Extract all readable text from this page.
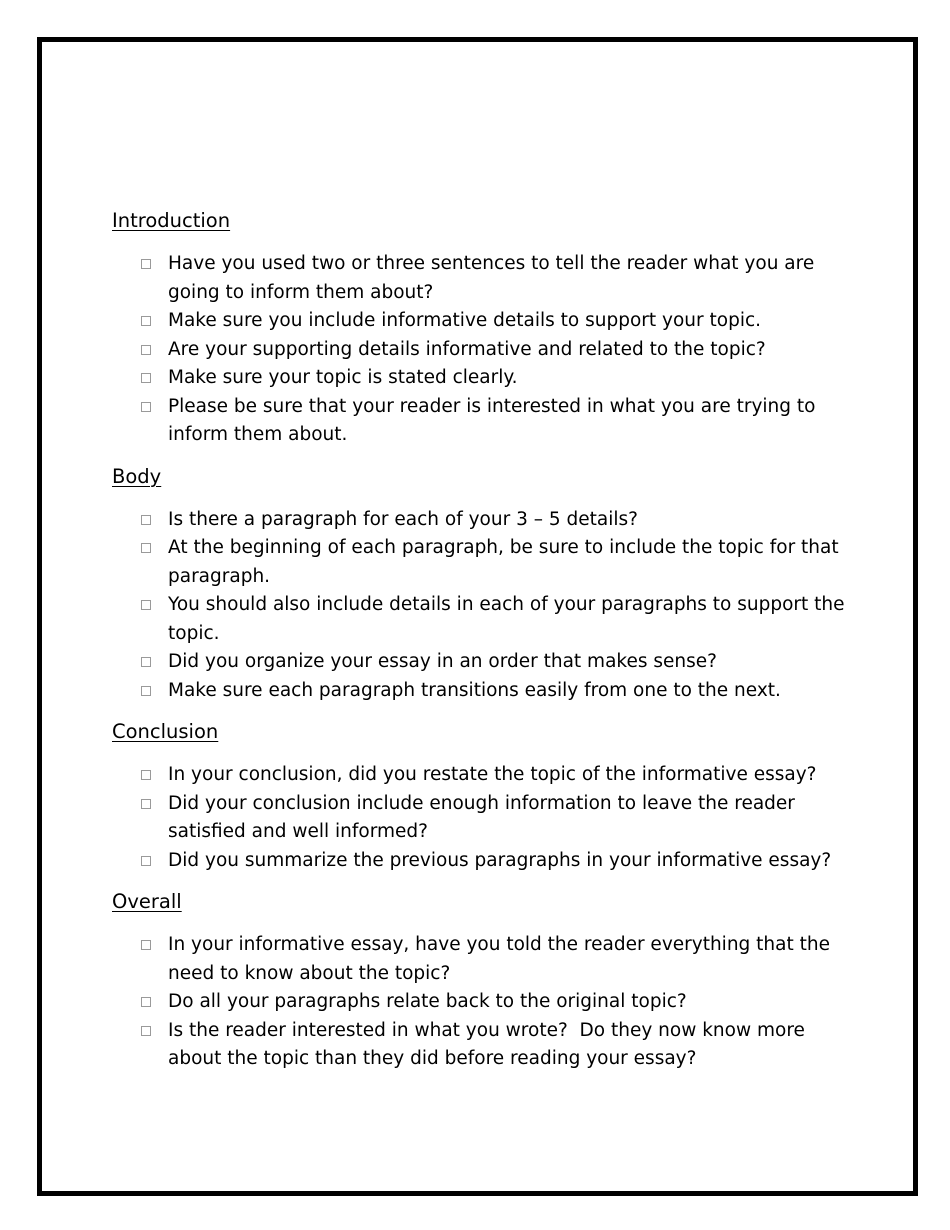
Introduction
Have you used two or three sentences to tell the reader what you are going to inform them about?
Make sure you include informative details to support your topic.
Are your supporting details informative and related to the topic?
Make sure your topic is stated clearly.
Please be sure that your reader is interested in what you are trying to inform them about.
Body
Is there a paragraph for each of your 3 – 5 details?
At the beginning of each paragraph, be sure to include the topic for that paragraph.
You should also include details in each of your paragraphs to support the topic.
Did you organize your essay in an order that makes sense?
Make sure each paragraph transitions easily from one to the next.
Conclusion
In your conclusion, did you restate the topic of the informative essay?
Did your conclusion include enough information to leave the reader satisfied and well informed?
Did you summarize the previous paragraphs in your informative essay?
Overall
In your informative essay, have you told the reader everything that the need to know about the topic?
Do all your paragraphs relate back to the original topic?
Is the reader interested in what you wrote?  Do they now know more about the topic than they did before reading your essay?
